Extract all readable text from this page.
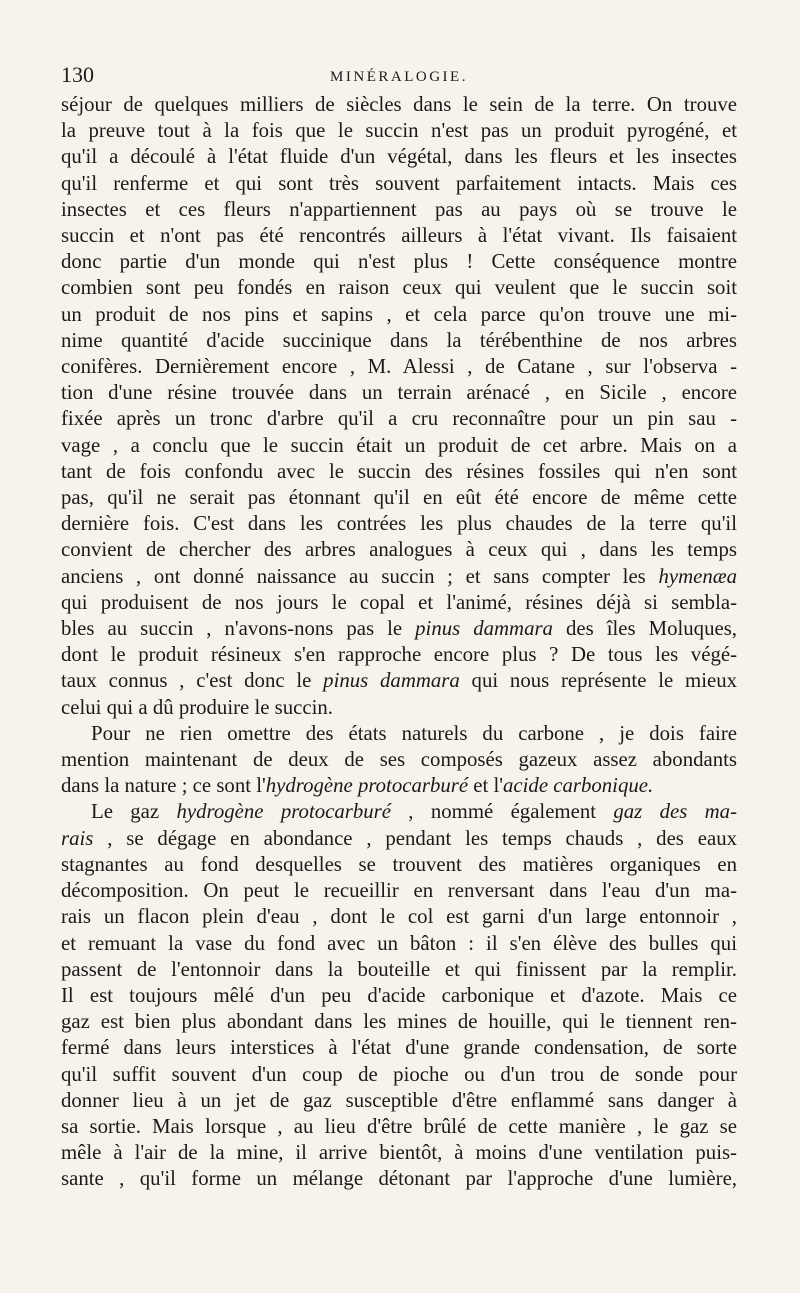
130	MINÉRALOGIE.
séjour de quelques milliers de siècles dans le sein de la terre. On trouve
la preuve tout à la fois que le succin n'est pas un produit pyrogéné, et
qu'il a découlé à l'état fluide d'un végétal, dans les fleurs et les insectes
qu'il renferme et qui sont très souvent parfaitement intacts. Mais ces
insectes et ces fleurs n'appartiennent pas au pays où se trouve le
succin et n'ont pas été rencontrés ailleurs à l'état vivant. Ils faisaient
donc partie d'un monde qui n'est plus ! Cette conséquence montre
combien sont peu fondés en raison ceux qui veulent que le succin soit
un produit de nos pins et sapins , et cela parce qu'on trouve une mi-
nime quantité d'acide succinique dans la térébenthine de nos arbres
conifères. Dernièrement encore , M. Alessi , de Catane , sur l'observa -
tion d'une résine trouvée dans un terrain arénacé , en Sicile , encore
fixée après un tronc d'arbre qu'il a cru reconnaître pour un pin sau -
vage , a conclu que le succin était un produit de cet arbre. Mais on a
tant de fois confondu avec le succin des résines fossiles qui n'en sont
pas, qu'il ne serait pas étonnant qu'il en eût été encore de même cette
dernière fois. C'est dans les contrées les plus chaudes de la terre qu'il
convient de chercher des arbres analogues à ceux qui , dans les temps
anciens , ont donné naissance au succin ; et sans compter les hymenæa
qui produisent de nos jours le copal et l'animé, résines déjà si sembla-
bles au succin , n'avons-nons pas le pinus dammara des îles Moluques,
dont le produit résineux s'en rapproche encore plus ? De tous les végé-
taux connus , c'est donc le pinus dammara qui nous représente le mieux
celui qui a dû produire le succin.
Pour ne rien omettre des états naturels du carbone , je dois faire
mention maintenant de deux de ses composés gazeux assez abondants
dans la nature ; ce sont l'hydrogène protocarburé et l'acide carbonique.
Le gaz hydrogène protocarburé , nommé également gaz des ma-
rais , se dégage en abondance , pendant les temps chauds , des eaux
stagnantes au fond desquelles se trouvent des matières organiques en
décomposition. On peut le recueillir en renversant dans l'eau d'un ma-
rais un flacon plein d'eau , dont le col est garni d'un large entonnoir ,
et remuant la vase du fond avec un bâton : il s'en élève des bulles qui
passent de l'entonnoir dans la bouteille et qui finissent par la remplir.
Il est toujours mêlé d'un peu d'acide carbonique et d'azote. Mais ce
gaz est bien plus abondant dans les mines de houille, qui le tiennent ren-
fermé dans leurs interstices à l'état d'une grande condensation, de sorte
qu'il suffit souvent d'un coup de pioche ou d'un trou de sonde pour
donner lieu à un jet de gaz susceptible d'être enflammé sans danger à
sa sortie. Mais lorsque , au lieu d'être brûlé de cette manière , le gaz se
mêle à l'air de la mine, il arrive bientôt, à moins d'une ventilation puis-
sante , qu'il forme un mélange détonant par l'approche d'une lumière,
